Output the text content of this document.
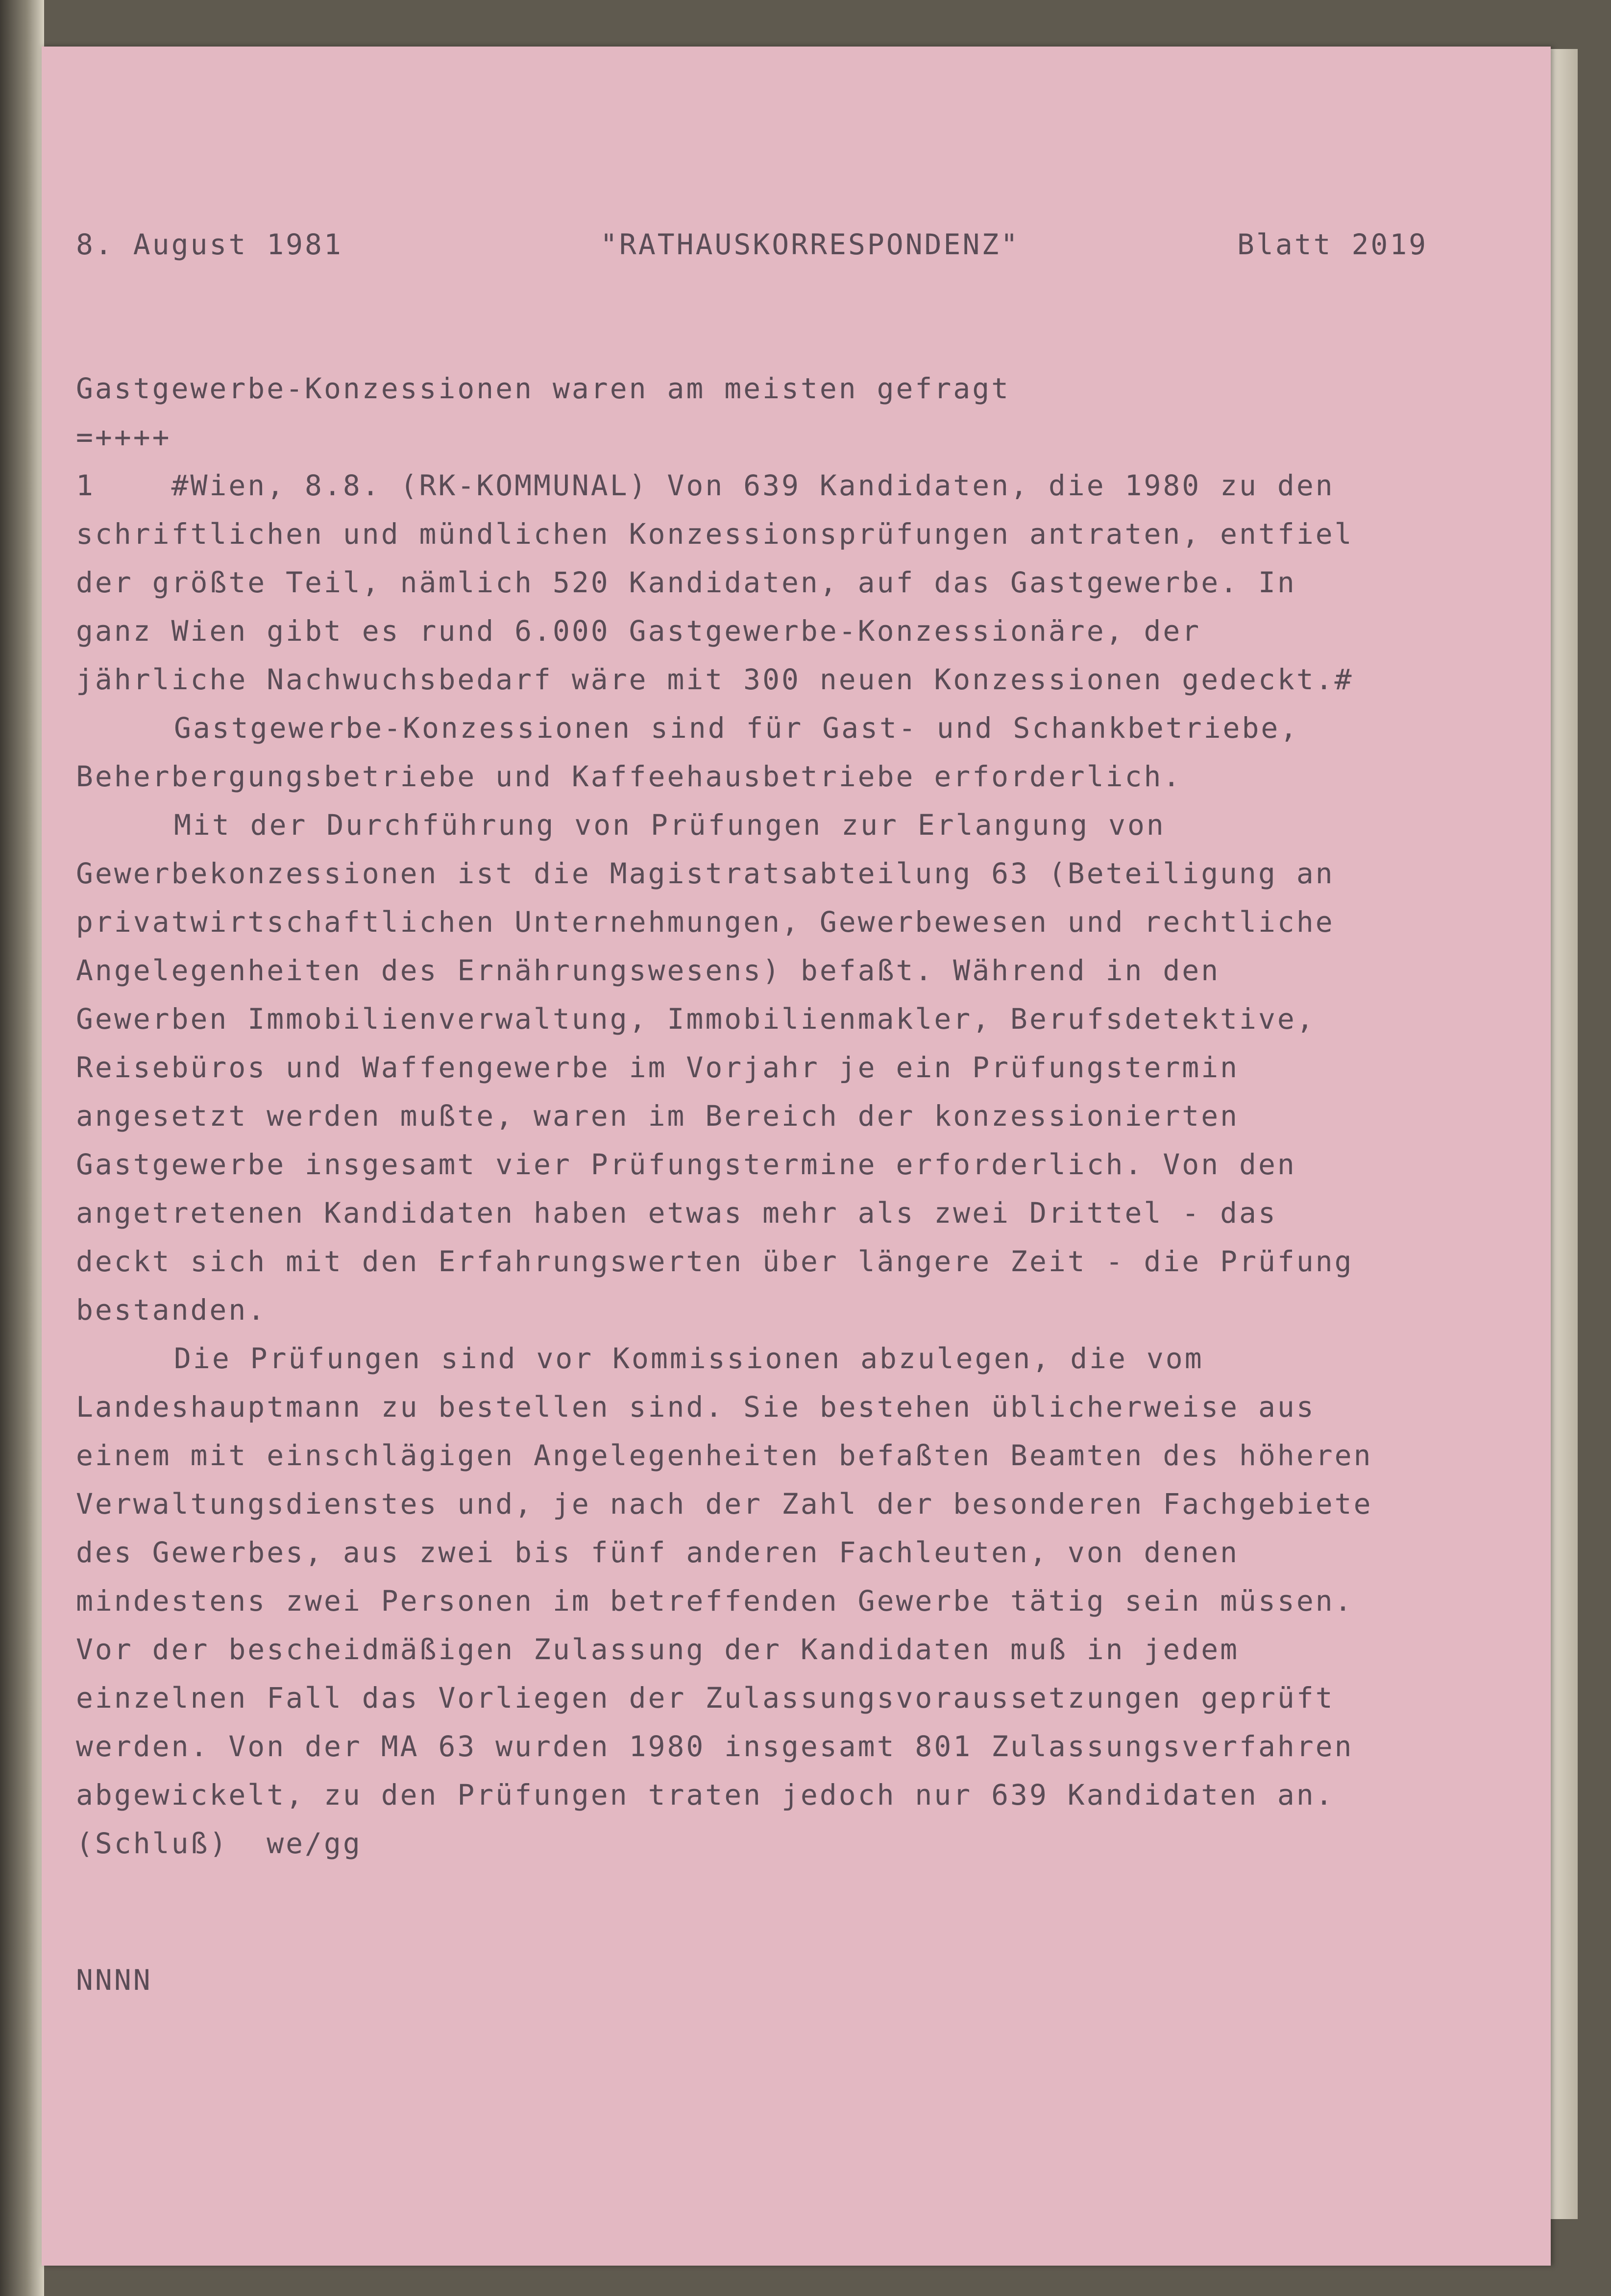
8. August 1981	"RATHAUSKORRESPONDENZ"	Blatt 2019
Gastgewerbe-Konzessionen waren am meisten gefragt
=++++
1    #Wien, 8.8. (RK-KOMMUNAL) Von 639 Kandidaten, die 1980 zu den
schriftlichen und mündlichen Konzessionsprüfungen antraten, entfiel
der größte Teil, nämlich 520 Kandidaten, auf das Gastgewerbe. In
ganz Wien gibt es rund 6.000 Gastgewerbe-Konzessionäre, der
jährliche Nachwuchsbedarf wäre mit 300 neuen Konzessionen gedeckt.#
Gastgewerbe-Konzessionen sind für Gast- und Schankbetriebe,
Beherbergungsbetriebe und Kaffeehausbetriebe erforderlich.
Mit der Durchführung von Prüfungen zur Erlangung von
Gewerbekonzessionen ist die Magistratsabteilung 63 (Beteiligung an
privatwirtschaftlichen Unternehmungen, Gewerbewesen und rechtliche
Angelegenheiten des Ernährungswesens) befaßt. Während in den
Gewerben Immobilienverwaltung, Immobilienmakler, Berufsdetektive,
Reisebüros und Waffengewerbe im Vorjahr je ein Prüfungstermin
angesetzt werden mußte, waren im Bereich der konzessionierten
Gastgewerbe insgesamt vier Prüfungstermine erforderlich. Von den
angetretenen Kandidaten haben etwas mehr als zwei Drittel - das
deckt sich mit den Erfahrungswerten über längere Zeit - die Prüfung
bestanden.
Die Prüfungen sind vor Kommissionen abzulegen, die vom
Landeshauptmann zu bestellen sind. Sie bestehen üblicherweise aus
einem mit einschlägigen Angelegenheiten befaßten Beamten des höheren
Verwaltungsdienstes und, je nach der Zahl der besonderen Fachgebiete
des Gewerbes, aus zwei bis fünf anderen Fachleuten, von denen
mindestens zwei Personen im betreffenden Gewerbe tätig sein müssen.
Vor der bescheidmäßigen Zulassung der Kandidaten muß in jedem
einzelnen Fall das Vorliegen der Zulassungsvoraussetzungen geprüft
werden. Von der MA 63 wurden 1980 insgesamt 801 Zulassungsverfahren
abgewickelt, zu den Prüfungen traten jedoch nur 639 Kandidaten an.
(Schluß)  we/gg
NNNN
